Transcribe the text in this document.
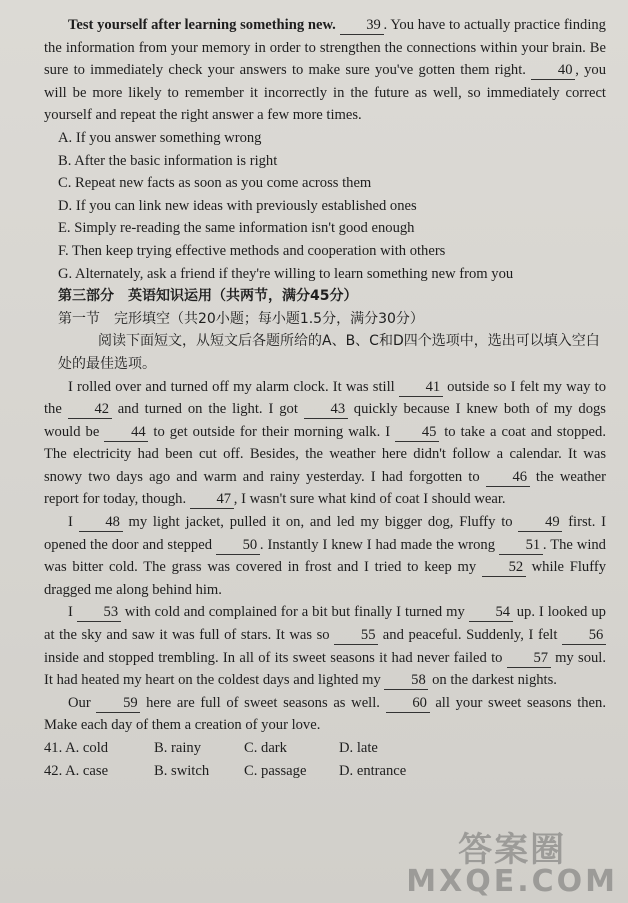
Test yourself after learning something new. 39 . You have to actually practice finding the information from your memory in order to strengthen the connections within your brain. Be sure to immediately check your answers to make sure you've gotten them right. 40 , you will be more likely to remember it incorrectly in the future as well, so immediately correct yourself and repeat the right answer a few more times.

A. If you answer something wrong

B. After the basic information is right

C. Repeat new facts as soon as you come across them

D. If you can link new ideas with previously established ones

E. Simply re-reading the same information isn't good enough

F. Then keep trying effective methods and cooperation with others

G. Alternately, ask a friend if they're willing to learn something new from you

第三部分　英语知识运用（共两节，满分45分）

第一节　完形填空（共20小题；每小题1.5分，满分30分）

阅读下面短文，从短文后各题所给的A、B、C和D四个选项中，选出可以填入空白处的最佳选项。

I rolled over and turned off my alarm clock. It was still 41 outside so I felt my way to the 42 and turned on the light. I got 43 quickly because I knew both of my dogs would be 44 to get outside for their morning walk. I 45 to take a coat and stopped. The electricity had been cut off. Besides, the weather here didn't follow a calendar. It was snowy two days ago and warm and rainy yesterday. I had forgotten to 46 the weather report for today, though. 47 , I wasn't sure what kind of coat I should wear.

I 48 my light jacket, pulled it on, and led my bigger dog, Fluffy to 49 first. I opened the door and stepped 50 . Instantly I knew I had made the wrong 51 . The wind was bitter cold. The grass was covered in frost and I tried to keep my 52 while Fluffy dragged me along behind him.

I 53 with cold and complained for a bit but finally I turned my 54 up. I looked up at the sky and saw it was full of stars. It was so 55 and peaceful. Suddenly, I felt 56 inside and stopped trembling. In all of its sweet seasons it had never failed to 57 my soul. It had heated my heart on the coldest days and lighted my 58 on the darkest nights.

Our 59 here are full of sweet seasons as well. 60 all your sweet seasons then. Make each day of them a creation of your love.

41. A. cold	B. rainy	C. dark	D. late
42. A. case	B. switch	C. passage	D. entrance
答案圈
MXQE.COM
